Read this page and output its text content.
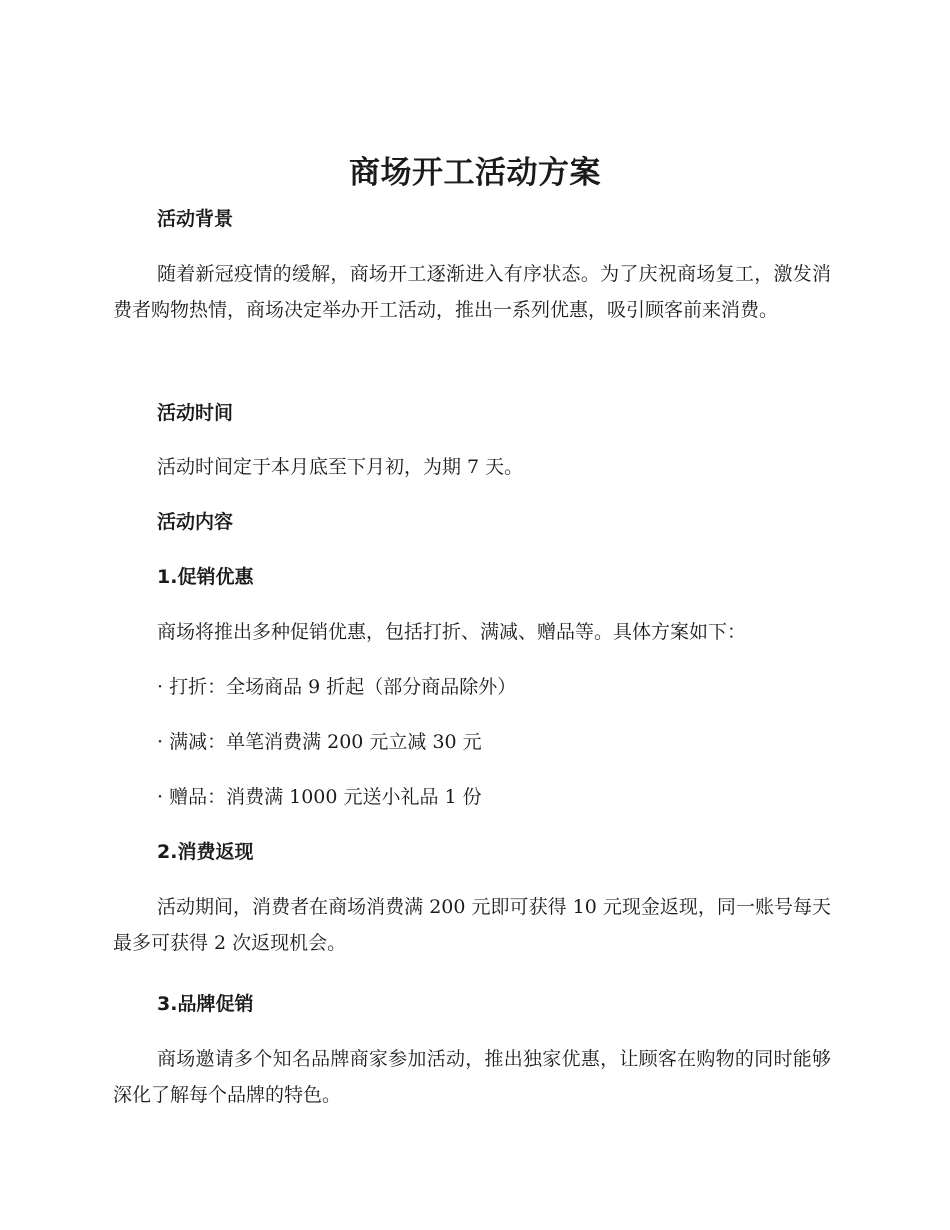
商场开工活动方案
活动背景
随着新冠疫情的缓解，商场开工逐渐进入有序状态。为了庆祝商场复工，激发消费者购物热情，商场决定举办开工活动，推出一系列优惠，吸引顾客前来消费。
活动时间
活动时间定于本月底至下月初，为期 7 天。
活动内容
1.促销优惠
商场将推出多种促销优惠，包括打折、满减、赠品等。具体方案如下：
· 打折：全场商品 9 折起（部分商品除外）
· 满减：单笔消费满 200 元立减 30 元
· 赠品：消费满 1000 元送小礼品 1 份
2.消费返现
活动期间，消费者在商场消费满 200 元即可获得 10 元现金返现，同一账号每天最多可获得 2 次返现机会。
3.品牌促销
商场邀请多个知名品牌商家参加活动，推出独家优惠，让顾客在购物的同时能够深化了解每个品牌的特色。
